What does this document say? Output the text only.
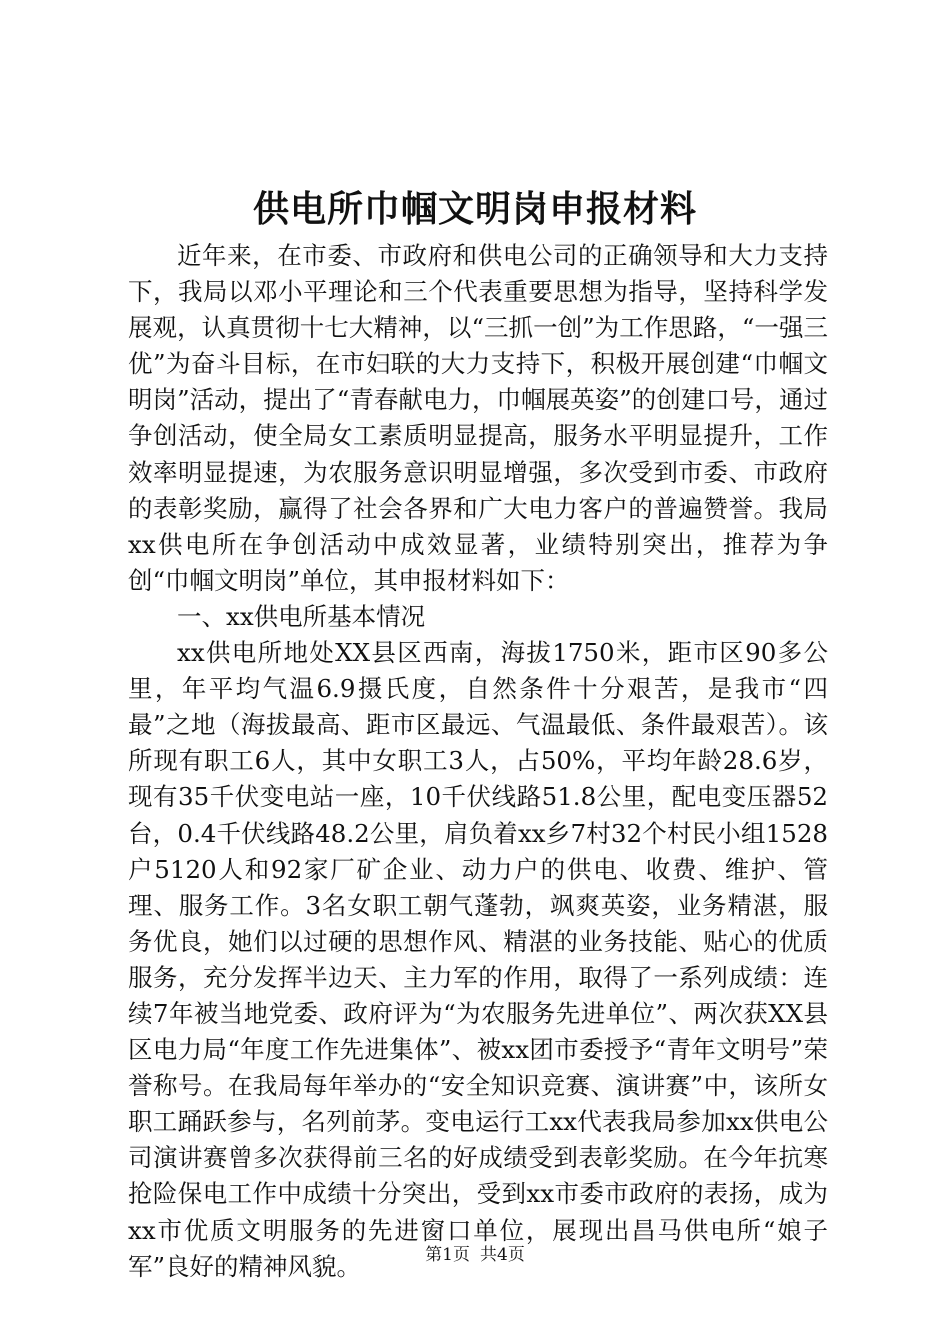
供电所巾帼文明岗申报材料

近年来，在市委、市政府和供电公司的正确领导和大力支持下，我局以邓小平理论和三个代表重要思想为指导，坚持科学发展观，认真贯彻十七大精神，以“三抓一创”为工作思路，“一强三优”为奋斗目标，在市妇联的大力支持下，积极开展创建“巾帼文明岗”活动，提出了“青春献电力，巾帼展英姿”的创建口号，通过争创活动，使全局女工素质明显提高，服务水平明显提升，工作效率明显提速，为农服务意识明显增强，多次受到市委、市政府的表彰奖励，赢得了社会各界和广大电力客户的普遍赞誉。我局xx供电所在争创活动中成效显著，业绩特别突出，推荐为争创“巾帼文明岗”单位，其申报材料如下：

一、xx供电所基本情况

xx供电所地处XX县区西南，海拔1750米，距市区90多公里，年平均气温6.9摄氏度，自然条件十分艰苦，是我市“四最”之地（海拔最高、距市区最远、气温最低、条件最艰苦）。该所现有职工6人，其中女职工3人，占50%，平均年龄28.6岁，现有35千伏变电站一座，10千伏线路51.8公里，配电变压器52台，0.4千伏线路48.2公里，肩负着xx乡7村32个村民小组1528户5120人和92家厂矿企业、动力户的供电、收费、维护、管理、服务工作。3名女职工朝气蓬勃，飒爽英姿，业务精湛，服务优良，她们以过硬的思想作风、精湛的业务技能、贴心的优质服务，充分发挥半边天、主力军的作用，取得了一系列成绩：连续7年被当地党委、政府评为“为农服务先进单位”、两次获XX县区电力局“年度工作先进集体”、被xx团市委授予“青年文明号”荣誉称号。在我局每年举办的“安全知识竞赛、演讲赛”中，该所女职工踊跃参与，名列前茅。变电运行工xx代表我局参加xx供电公司演讲赛曾多次获得前三名的好成绩受到表彰奖励。在今年抗寒抢险保电工作中成绩十分突出，受到xx市委市政府的表扬，成为xx市优质文明服务的先进窗口单位，展现出昌马供电所“娘子军”良好的精神风貌。	第1页 共4页
